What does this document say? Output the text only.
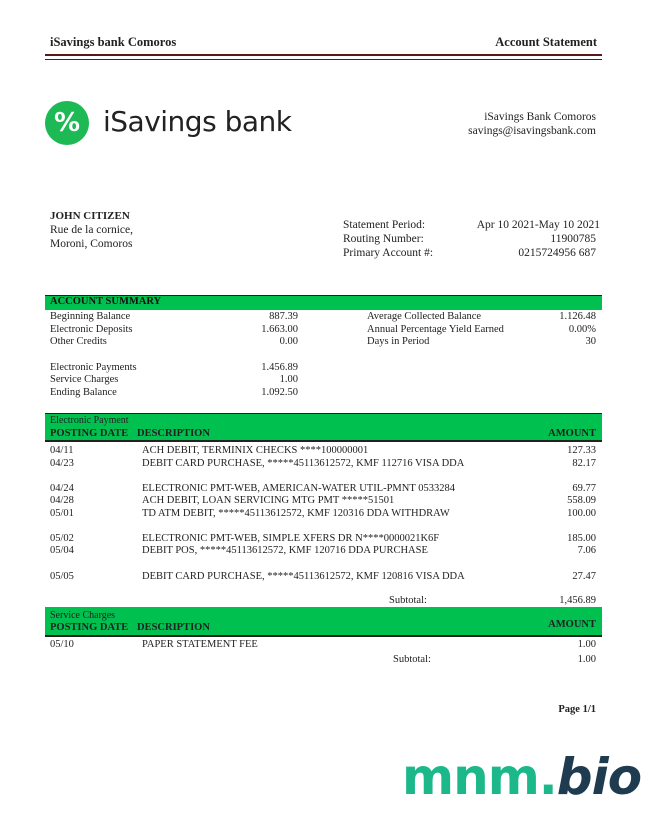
iSavings bank Comoros	Account Statement
% iSavings bank	iSavings Bank Comoros
savings@isavingsbank.com
JOHN CITIZEN
Rue de la cornice,
Moroni, Comoros
Statement Period:	Apr 10 2021-May 10 2021
Routing Number:	11900785
Primary Account #:	0215724956 687
ACCOUNT SUMMARY
Beginning Balance	887.39
Electronic Deposits	1.663.00
Other Credits	0.00
Electronic Payments	1.456.89
Service Charges	1.00
Ending Balance	1.092.50
Average Collected Balance	1.126.48
Annual Percentage Yield Earned	0.00%
Days in Period	30
Electronic Payment
POSTING DATE DESCRIPTION	AMOUNT
04/11	ACH DEBIT, TERMINIX CHECKS ****100000001	127.33
04/23	DEBIT CARD PURCHASE, *****45113612572, KMF 112716 VISA DDA	82.17
04/24	ELECTRONIC PMT-WEB, AMERICAN-WATER UTIL-PMNT 0533284	69.77
04/28	ACH DEBIT, LOAN SERVICING MTG PMT *****51501	558.09
05/01	TD ATM DEBIT, *****45113612572, KMF 120316 DDA WITHDRAW	100.00
05/02	ELECTRONIC PMT-WEB, SIMPLE XFERS DR N****0000021K6F	185.00
05/04	DEBIT POS, *****45113612572, KMF 120716 DDA PURCHASE	7.06
05/05	DEBIT CARD PURCHASE, *****45113612572, KMF 120816 VISA DDA	27.47
Subtotal:	1,456.89
Service Charges
POSTING DATE DESCRIPTION	AMOUNT
05/10	PAPER STATEMENT FEE	1.00
Subtotal:	1.00
Page 1/1
mnm.bio
